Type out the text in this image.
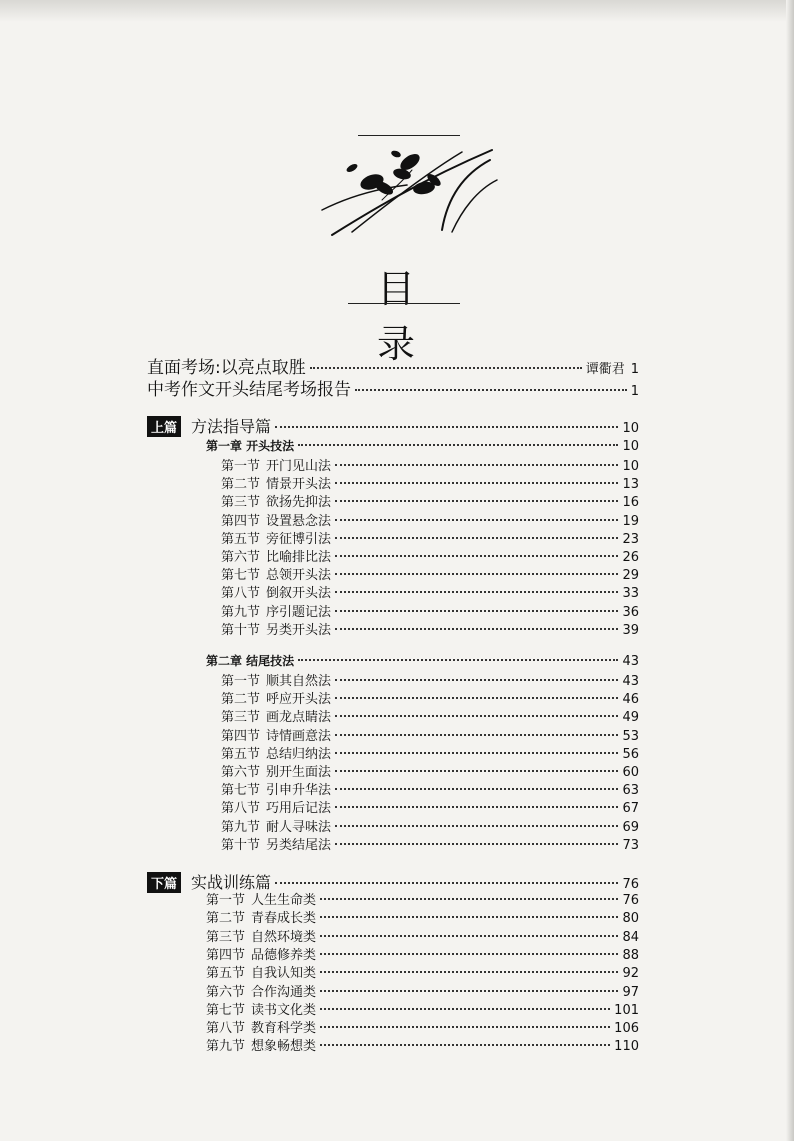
目 录
直面考场:以亮点取胜	谭衢君 1
中考作文开头结尾考场报告	1
上篇 方法指导篇	10
第一章 开头技法	10
第一节 开门见山法	10
第二节 情景开头法	13
第三节 欲扬先抑法	16
第四节 设置悬念法	19
第五节 旁征博引法	23
第六节 比喻排比法	26
第七节 总领开头法	29
第八节 倒叙开头法	33
第九节 序引题记法	36
第十节 另类开头法	39
第二章 结尾技法	43
第一节 顺其自然法	43
第二节 呼应开头法	46
第三节 画龙点睛法	49
第四节 诗情画意法	53
第五节 总结归纳法	56
第六节 别开生面法	60
第七节 引申升华法	63
第八节 巧用后记法	67
第九节 耐人寻味法	69
第十节 另类结尾法	73
下篇 实战训练篇	76
第一节 人生生命类	76
第二节 青春成长类	80
第三节 自然环境类	84
第四节 品德修养类	88
第五节 自我认知类	92
第六节 合作沟通类	97
第七节 读书文化类	101
第八节 教育科学类	106
第九节 想象畅想类	110
